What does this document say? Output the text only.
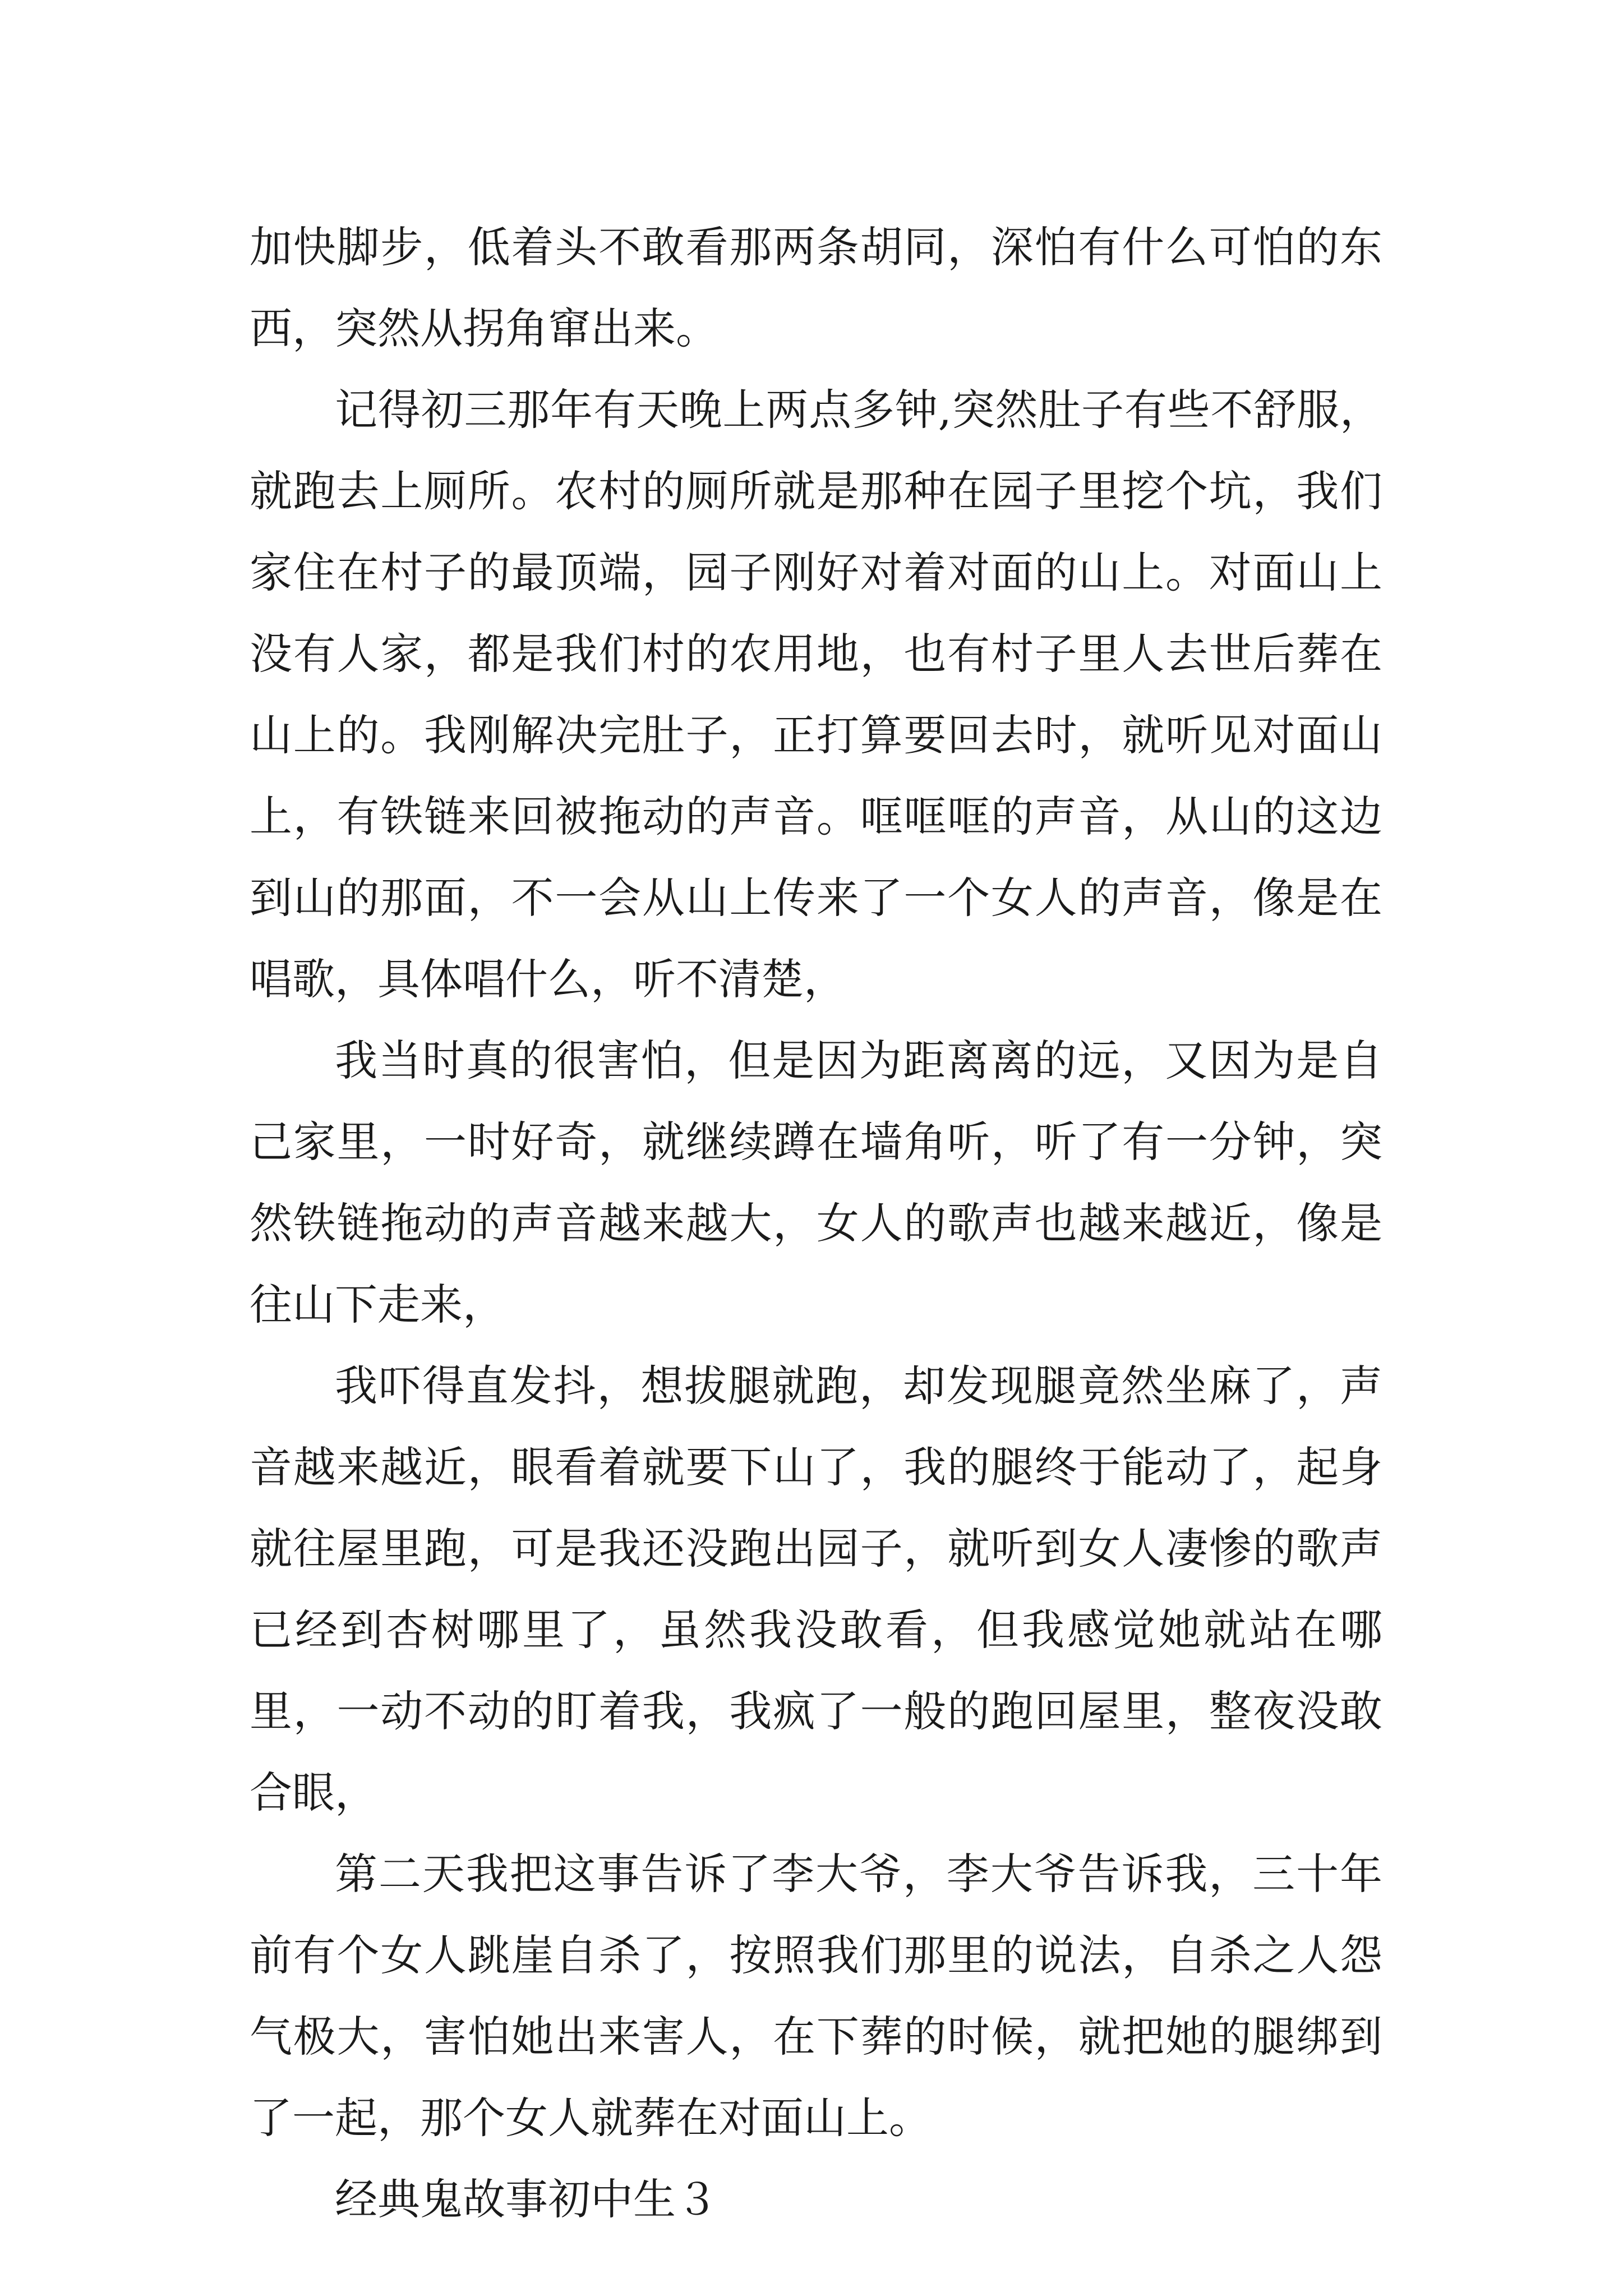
加快脚步，低着头不敢看那两条胡同，深怕有什么可怕的东西，突然从拐角窜出来。

记得初三那年有天晚上两点多钟,突然肚子有些不舒服，就跑去上厕所。农村的厕所就是那种在园子里挖个坑，我们家住在村子的最顶端，园子刚好对着对面的山上。对面山上没有人家，都是我们村的农用地，也有村子里人去世后葬在山上的。我刚解决完肚子，正打算要回去时，就听见对面山上，有铁链来回被拖动的声音。哐哐哐的声音，从山的这边到山的那面，不一会从山上传来了一个女人的声音，像是在唱歌，具体唱什么，听不清楚，

我当时真的很害怕，但是因为距离离的远，又因为是自己家里，一时好奇，就继续蹲在墙角听，听了有一分钟，突然铁链拖动的声音越来越大，女人的歌声也越来越近，像是往山下走来，

我吓得直发抖，想拔腿就跑，却发现腿竟然坐麻了，声音越来越近，眼看着就要下山了，我的腿终于能动了，起身就往屋里跑，可是我还没跑出园子，就听到女人凄惨的歌声已经到杏树哪里了，虽然我没敢看，但我感觉她就站在哪里，一动不动的盯着我，我疯了一般的跑回屋里，整夜没敢合眼，

第二天我把这事告诉了李大爷，李大爷告诉我，三十年前有个女人跳崖自杀了，按照我们那里的说法，自杀之人怨气极大，害怕她出来害人，在下葬的时候，就把她的腿绑到了一起，那个女人就葬在对面山上。

经典鬼故事初中生３
